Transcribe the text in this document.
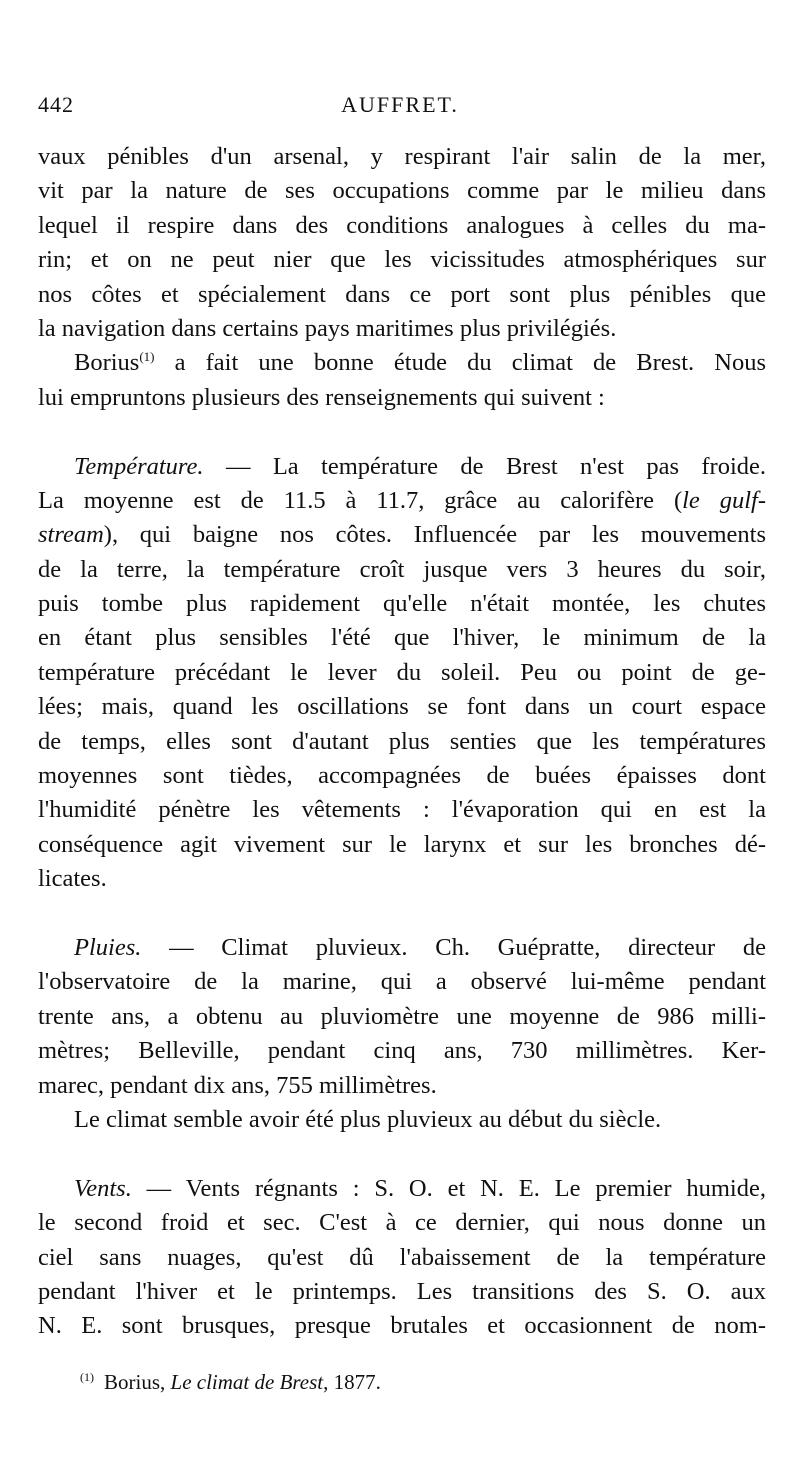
442	AUFFRET.
vaux pénibles d'un arsenal, y respirant l'air salin de la mer,
vit par la nature de ses occupations comme par le milieu dans
lequel il respire dans des conditions analogues à celles du ma-
rin; et on ne peut nier que les vicissitudes atmosphériques sur
nos côtes et spécialement dans ce port sont plus pénibles que
la navigation dans certains pays maritimes plus privilégiés.
Borius$^{(1)}$ a fait une bonne étude du climat de Brest. Nous
lui empruntons plusieurs des renseignements qui suivent :
Température. — La température de Brest n'est pas froide.
La moyenne est de 11.5 à 11.7, grâce au calorifère (le gulf-
stream), qui baigne nos côtes. Influencée par les mouvements
de la terre, la température croît jusque vers 3 heures du soir,
puis tombe plus rapidement qu'elle n'était montée, les chutes
en étant plus sensibles l'été que l'hiver, le minimum de la
température précédant le lever du soleil. Peu ou point de ge-
lées; mais, quand les oscillations se font dans un court espace
de temps, elles sont d'autant plus senties que les températures
moyennes sont tièdes, accompagnées de buées épaisses dont
l'humidité pénètre les vêtements : l'évaporation qui en est la
conséquence agit vivement sur le larynx et sur les bronches dé-
licates.
Pluies. — Climat pluvieux. Ch. Guépratte, directeur de
l'observatoire de la marine, qui a observé lui-même pendant
trente ans, a obtenu au pluviomètre une moyenne de 986 milli-
mètres; Belleville, pendant cinq ans, 730 millimètres. Ker-
marec, pendant dix ans, 755 millimètres.
Le climat semble avoir été plus pluvieux au début du siècle.
Vents. — Vents régnants : S. O. et N. E. Le premier humide,
le second froid et sec. C'est à ce dernier, qui nous donne un
ciel sans nuages, qu'est dû l'abaissement de la température
pendant l'hiver et le printemps. Les transitions des S. O. aux
N. E. sont brusques, presque brutales et occasionnent de nom-
$^{(1)}$ Borius, Le climat de Brest, 1877.
